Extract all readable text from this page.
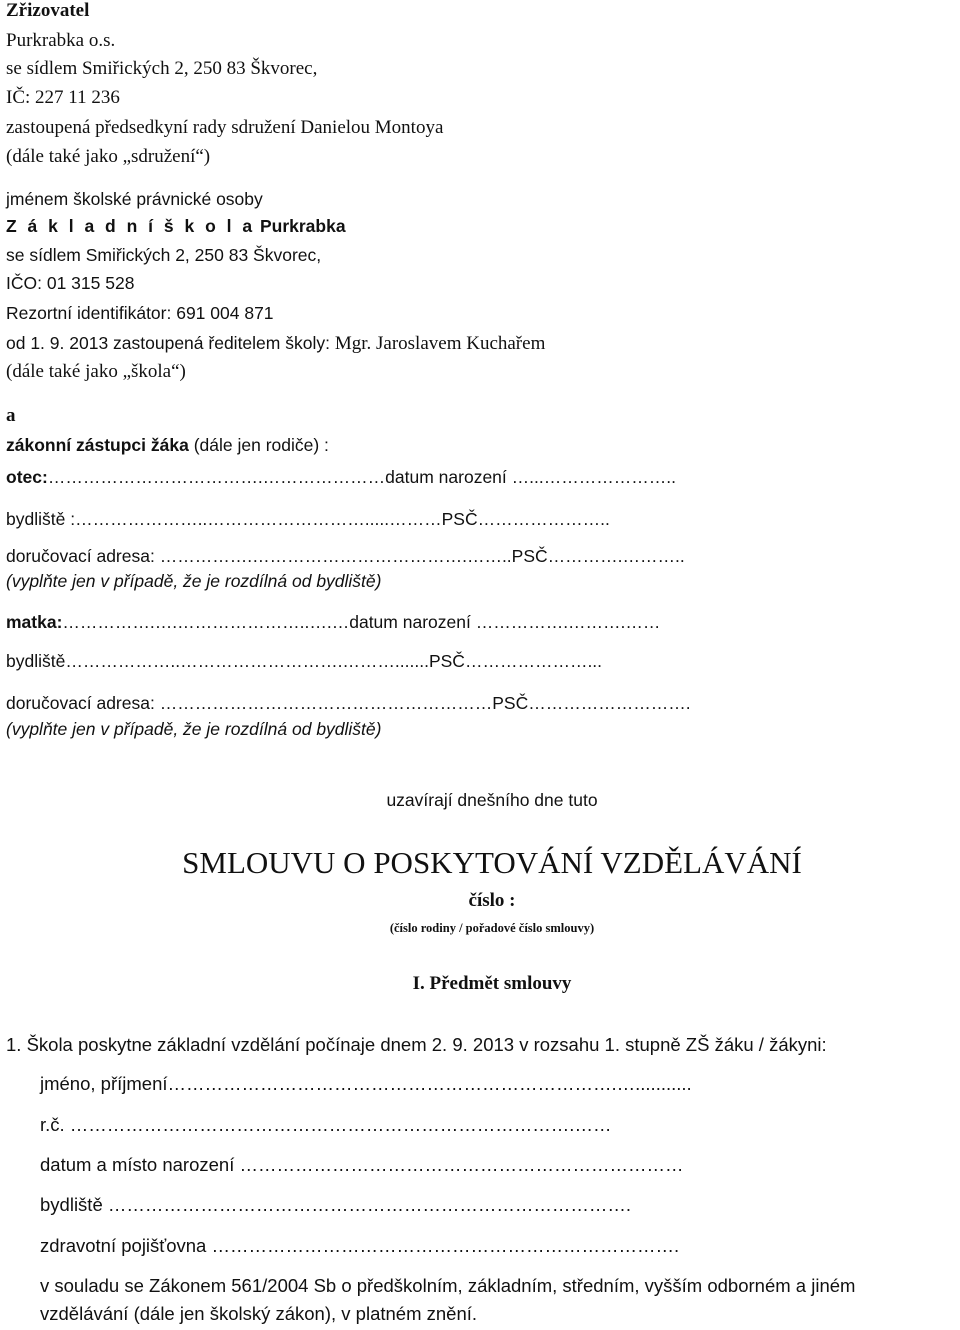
Zřizovatel
Purkrabka o.s.
se sídlem Smiřických 2, 250 83 Škvorec,
IČ: 227 11 236
zastoupená předsedkyní rady sdružení Danielou Montoya
(dále také jako „sdružení“)
jménem školské právnické osoby
Z á k l a d n í š k o l a Purkrabka
se sídlem Smiřických 2, 250 83 Škvorec,
IČO: 01 315 528
Rezortní identifikátor: 691 004 871
od 1. 9. 2013 zastoupená ředitelem školy: Mgr. Jaroslavem Kuchařem
(dále také jako „škola“)
a
zákonní zástupci žáka (dále jen rodiče) :
otec:……………………………….…………………datum narození …...…………………..
bydliště :…………………..……………………….....………PSČ…………………..
doručovací adresa: …………….……………………………….……..PSČ………….………..
(vyplňte jen v případě, že je rozdílná od bydliště)
matka:…………….….…………………..….…datum narození …………….……….……
bydliště………………..……………………….……….......PSČ…………………...
doručovací adresa: …………………………………………………PSČ……………………….
(vyplňte jen v případě, že je rozdílná od bydliště)
uzavírají dnešního dne tuto
SMLOUVU O POSKYTOVÁNÍ VZDĚLÁVÁNÍ
číslo :
(číslo rodiny / pořadové číslo smlouvy)
I. Předmět smlouvy
1. Škola poskytne základní vzdělání počínaje dnem 2. 9. 2013 v rozsahu 1. stupně ZŠ žáku / žákyni:
jméno, příjmení……………………………………………………………….…...........
r.č. ……………………………………………………………………….……
datum a místo narození ………………………………………………………………
bydliště ………………………………………………………………………….
zdravotní pojišťovna ………………………………………………………………….
v souladu se Zákonem 561/2004 Sb o předškolním, základním, středním, vyšším odborném a jiném
vzdělávání (dále jen školský zákon), v platném znění.
